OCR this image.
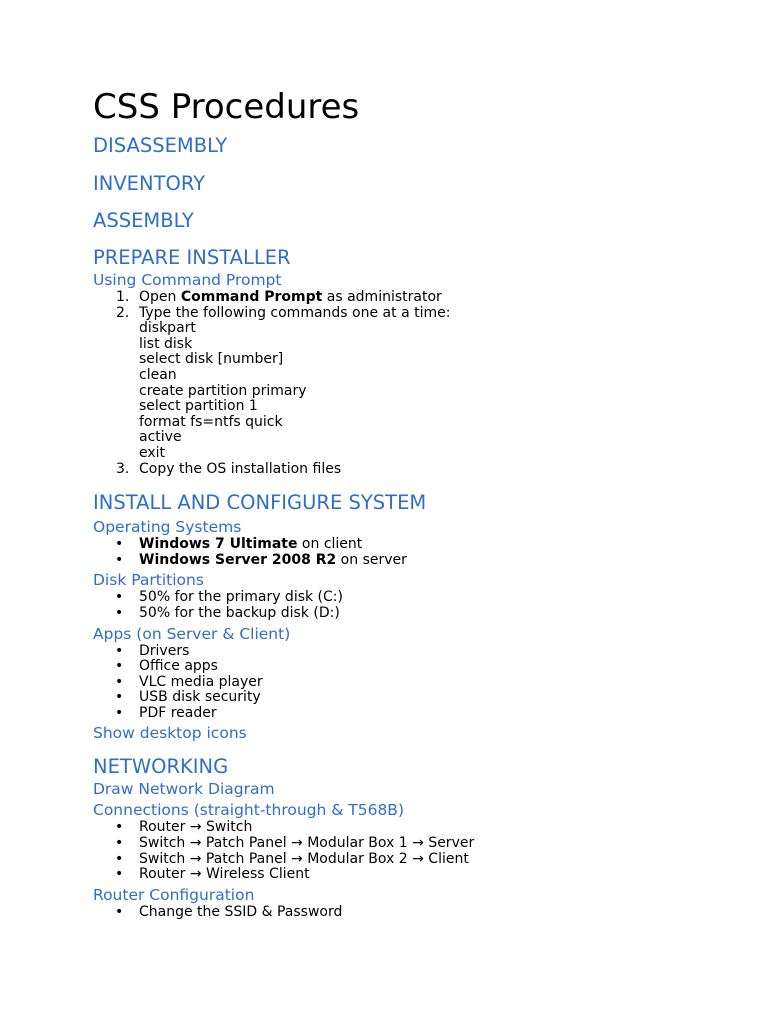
CSS Procedures
DISASSEMBLY
INVENTORY
ASSEMBLY
PREPARE INSTALLER
Using Command Prompt
1. Open Command Prompt as administrator
2. Type the following commands one at a time:
diskpart
list disk
select disk [number]
clean
create partition primary
select partition 1
format fs=ntfs quick
active
exit
3. Copy the OS installation files
INSTALL AND CONFIGURE SYSTEM
Operating Systems
• Windows 7 Ultimate on client
• Windows Server 2008 R2 on server
Disk Partitions
• 50% for the primary disk (C:)
• 50% for the backup disk (D:)
Apps (on Server & Client)
• Drivers
• Office apps
• VLC media player
• USB disk security
• PDF reader
Show desktop icons
NETWORKING
Draw Network Diagram
Connections (straight-through & T568B)
• Router → Switch
• Switch → Patch Panel → Modular Box 1 → Server
• Switch → Patch Panel → Modular Box 2 → Client
• Router → Wireless Client
Router Configuration
• Change the SSID & Password
